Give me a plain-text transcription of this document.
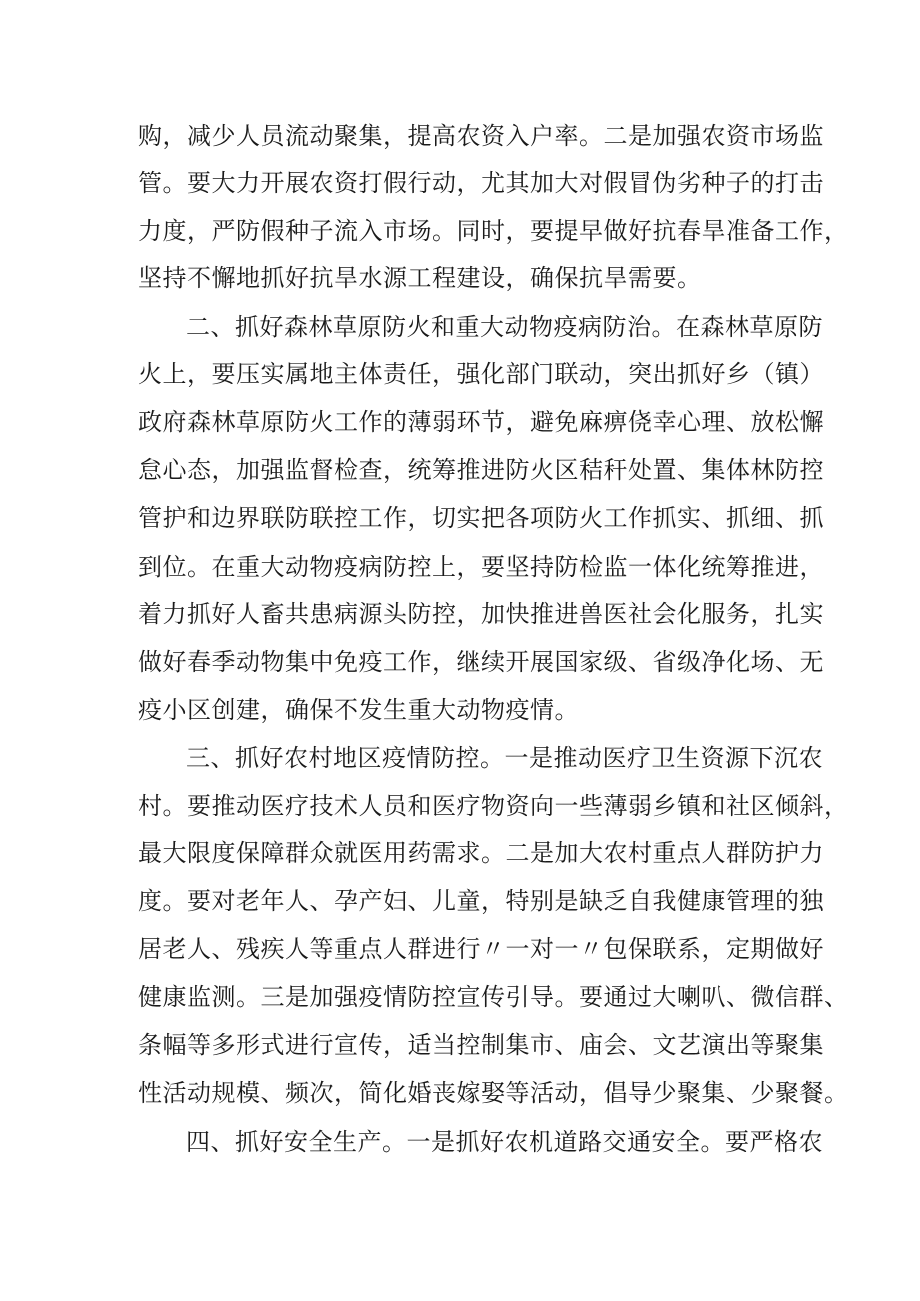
购，减少人员流动聚集，提高农资入户率。二是加强农资市场监
管。要大力开展农资打假行动，尤其加大对假冒伪劣种子的打击
力度，严防假种子流入市场。同时，要提早做好抗春旱准备工作，
坚持不懈地抓好抗旱水源工程建设，确保抗旱需要。
二、抓好森林草原防火和重大动物疫病防治。在森林草原防
火上，要压实属地主体责任，强化部门联动，突出抓好乡（镇）
政府森林草原防火工作的薄弱环节，避免麻痹侥幸心理、放松懈
怠心态，加强监督检查，统筹推进防火区秸秆处置、集体林防控
管护和边界联防联控工作，切实把各项防火工作抓实、抓细、抓
到位。在重大动物疫病防控上，要坚持防检监一体化统筹推进，
着力抓好人畜共患病源头防控，加快推进兽医社会化服务，扎实
做好春季动物集中免疫工作，继续开展国家级、省级净化场、无
疫小区创建，确保不发生重大动物疫情。
三、抓好农村地区疫情防控。一是推动医疗卫生资源下沉农
村。要推动医疗技术人员和医疗物资向一些薄弱乡镇和社区倾斜，
最大限度保障群众就医用药需求。二是加大农村重点人群防护力
度。要对老年人、孕产妇、儿童，特别是缺乏自我健康管理的独
居老人、残疾人等重点人群进行〃一对一〃包保联系，定期做好
健康监测。三是加强疫情防控宣传引导。要通过大喇叭、微信群、
条幅等多形式进行宣传，适当控制集市、庙会、文艺演出等聚集
性活动规模、频次，简化婚丧嫁娶等活动，倡导少聚集、少聚餐。
四、抓好安全生产。一是抓好农机道路交通安全。要严格农
